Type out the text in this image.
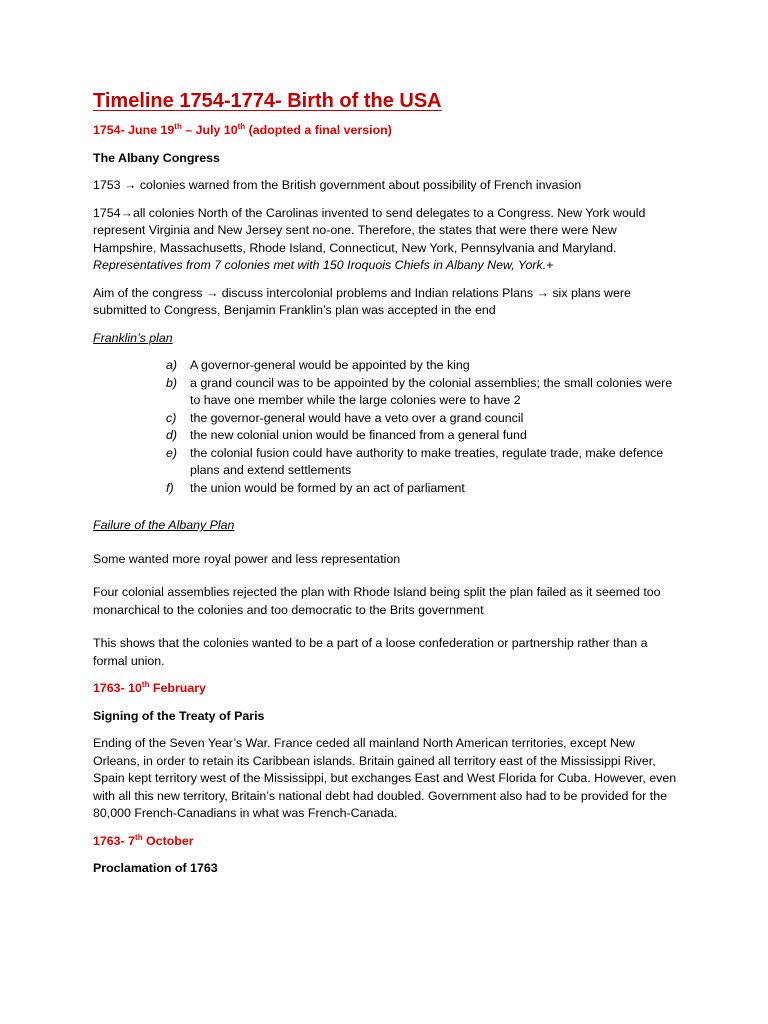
Timeline 1754-1774- Birth of the USA

1754- June 19th – July 10th (adopted a final version)

The Albany Congress

1753 → colonies warned from the British government about possibility of French invasion

1754→all colonies North of the Carolinas invented to send delegates to a Congress. New York would represent Virginia and New Jersey sent no-one. Therefore, the states that were there were New Hampshire, Massachusetts, Rhode Island, Connecticut, New York, Pennsylvania and Maryland.
Representatives from 7 colonies met with 150 Iroquois Chiefs in Albany New, York.+

Aim of the congress → discuss intercolonial problems and Indian relations Plans → six plans were submitted to Congress, Benjamin Franklin’s plan was accepted in the end

Franklin’s plan

a)	A governor-general would be appointed by the king
b)	a grand council was to be appointed by the colonial assemblies; the small colonies were to have one member while the large colonies were to have 2
c)	the governor-general would have a veto over a grand council
d)	the new colonial union would be financed from a general fund
e)	the colonial fusion could have authority to make treaties, regulate trade, make defence plans and extend settlements
f)	the union would be formed by an act of parliament

Failure of the Albany Plan

Some wanted more royal power and less representation

Four colonial assemblies rejected the plan with Rhode Island being split the plan failed as it seemed too monarchical to the colonies and too democratic to the Brits government

This shows that the colonies wanted to be a part of a loose confederation or partnership rather than a formal union.

1763- 10th February

Signing of the Treaty of Paris

Ending of the Seven Year’s War. France ceded all mainland North American territories, except New Orleans, in order to retain its Caribbean islands. Britain gained all territory east of the Mississippi River, Spain kept territory west of the Mississippi, but exchanges East and West Florida for Cuba. However, even with all this new territory, Britain’s national debt had doubled. Government also had to be provided for the 80,000 French-Canadians in what was French-Canada.

1763- 7th October

Proclamation of 1763
